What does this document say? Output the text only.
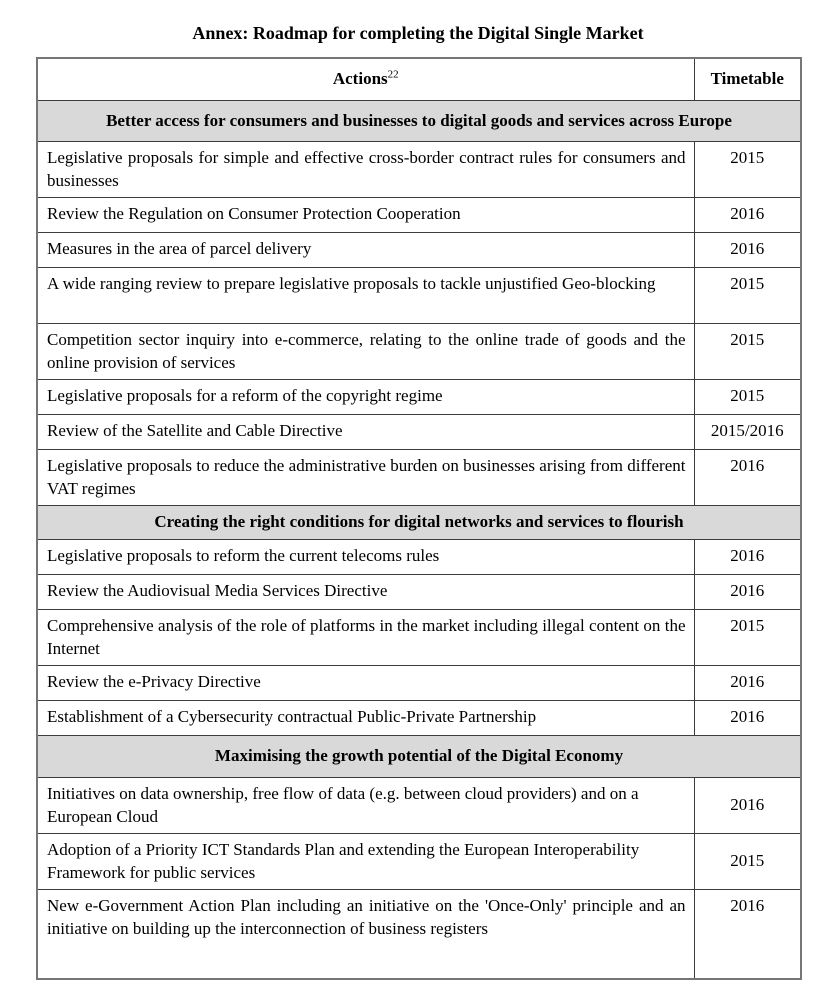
Annex: Roadmap for completing the Digital Single Market
Actions$^{22}$	Timetable
Better access for consumers and businesses to digital goods and services across Europe	
Legislative proposals for simple and effective cross-border contract rules for consumers and businesses	2015
Review the Regulation on Consumer Protection Cooperation	2016
Measures in the area of parcel delivery	2016
A wide ranging review to prepare legislative proposals to tackle unjustified Geo-blocking	2015
Competition sector inquiry into e-commerce, relating to the online trade of goods and the online provision of services	2015
Legislative proposals for a reform of the copyright regime	2015
Review of the Satellite and Cable Directive	2015/2016
Legislative proposals to reduce the administrative burden on businesses arising from different VAT regimes	2016
Creating the right conditions for digital networks and services to flourish	
Legislative proposals to reform the current telecoms rules	2016
Review the Audiovisual Media Services Directive	2016
Comprehensive analysis of the role of platforms in the market including illegal content on the Internet	2015
Review the e-Privacy Directive	2016
Establishment of a Cybersecurity contractual Public-Private Partnership	2016
Maximising the growth potential of the Digital Economy	
Initiatives on data ownership, free flow of data (e.g. between cloud providers) and on a European Cloud	2016
Adoption of a Priority ICT Standards Plan and extending the European Interoperability Framework for public services	2015
New e-Government Action Plan including an initiative on the 'Once-Only' principle and an initiative on building up the interconnection of business registers	2016
